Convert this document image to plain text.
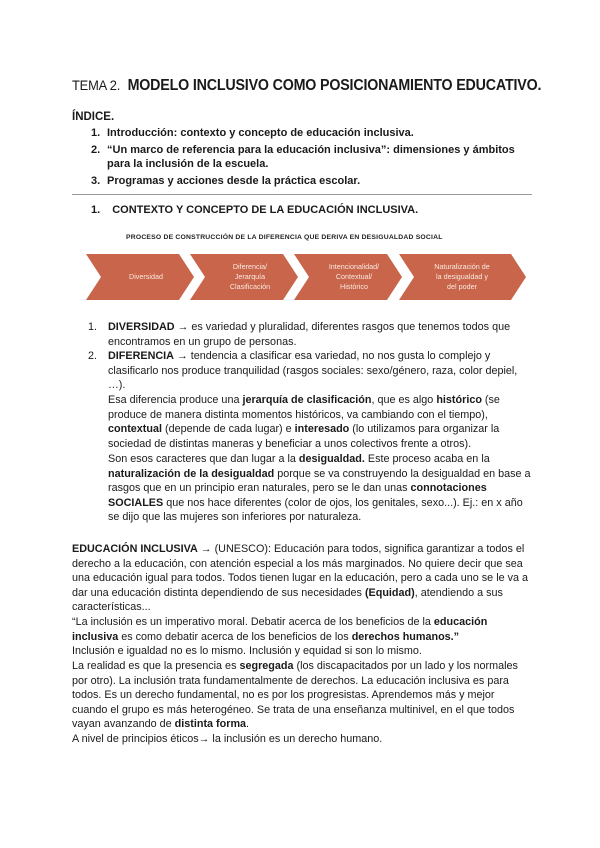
TEMA 2. MODELO INCLUSIVO COMO POSICIONAMIENTO EDUCATIVO.
ÍNDICE.
1. Introducción: contexto y concepto de educación inclusiva.
2. “Un marco de referencia para la educación inclusiva”: dimensiones y ámbitos para la inclusión de la escuela.
3. Programas y acciones desde la práctica escolar.
1. CONTEXTO Y CONCEPTO DE LA EDUCACIÓN INCLUSIVA.
PROCESO DE CONSTRUCCIÓN DE LA DIFERENCIA QUE DERIVA EN DESIGUALDAD SOCIAL
Diversidad
Diferencia/
Jerarquía
Clasificación
Intencionalidad/
Contextual/
Histórico
Naturalización de
la desigualdad y
del poder
1. DIVERSIDAD → es variedad y pluralidad, diferentes rasgos que tenemos todos que encontramos en un grupo de personas.
2. DIFERENCIA → tendencia a clasificar esa variedad, no nos gusta lo complejo y clasificarlo nos produce tranquilidad (rasgos sociales: sexo/género, raza, color depiel, …).
Esa diferencia produce una jerarquía de clasificación, que es algo histórico (se produce de manera distinta momentos históricos, va cambiando con el tiempo), contextual (depende de cada lugar) e interesado (lo utilizamos para organizar la sociedad de distintas maneras y beneficiar a unos colectivos frente a otros).
Son esos caracteres que dan lugar a la desigualdad. Este proceso acaba en la naturalización de la desigualdad porque se va construyendo la desigualdad en base a rasgos que en un principio eran naturales, pero se le dan unas connotaciones SOCIALES que nos hace diferentes (color de ojos, los genitales, sexo...). Ej.: en x año se dijo que las mujeres son inferiores por naturaleza.
EDUCACIÓN INCLUSIVA → (UNESCO): Educación para todos, significa garantizar a todos el derecho a la educación, con atención especial a los más marginados. No quiere decir que sea una educación igual para todos. Todos tienen lugar en la educación, pero a cada uno se le va a dar una educación distinta dependiendo de sus necesidades (Equidad), atendiendo a sus características...
“La inclusión es un imperativo moral. Debatir acerca de los beneficios de la educación inclusiva es como debatir acerca de los beneficios de los derechos humanos.”
Inclusión e igualdad no es lo mismo. Inclusión y equidad si son lo mismo.
La realidad es que la presencia es segregada (los discapacitados por un lado y los normales por otro). La inclusión trata fundamentalmente de derechos. La educación inclusiva es para todos. Es un derecho fundamental, no es por los progresistas. Aprendemos más y mejor cuando el grupo es más heterogéneo. Se trata de una enseñanza multinivel, en el que todos vayan avanzando de distinta forma.
A nivel de principios éticos→ la inclusión es un derecho humano.
